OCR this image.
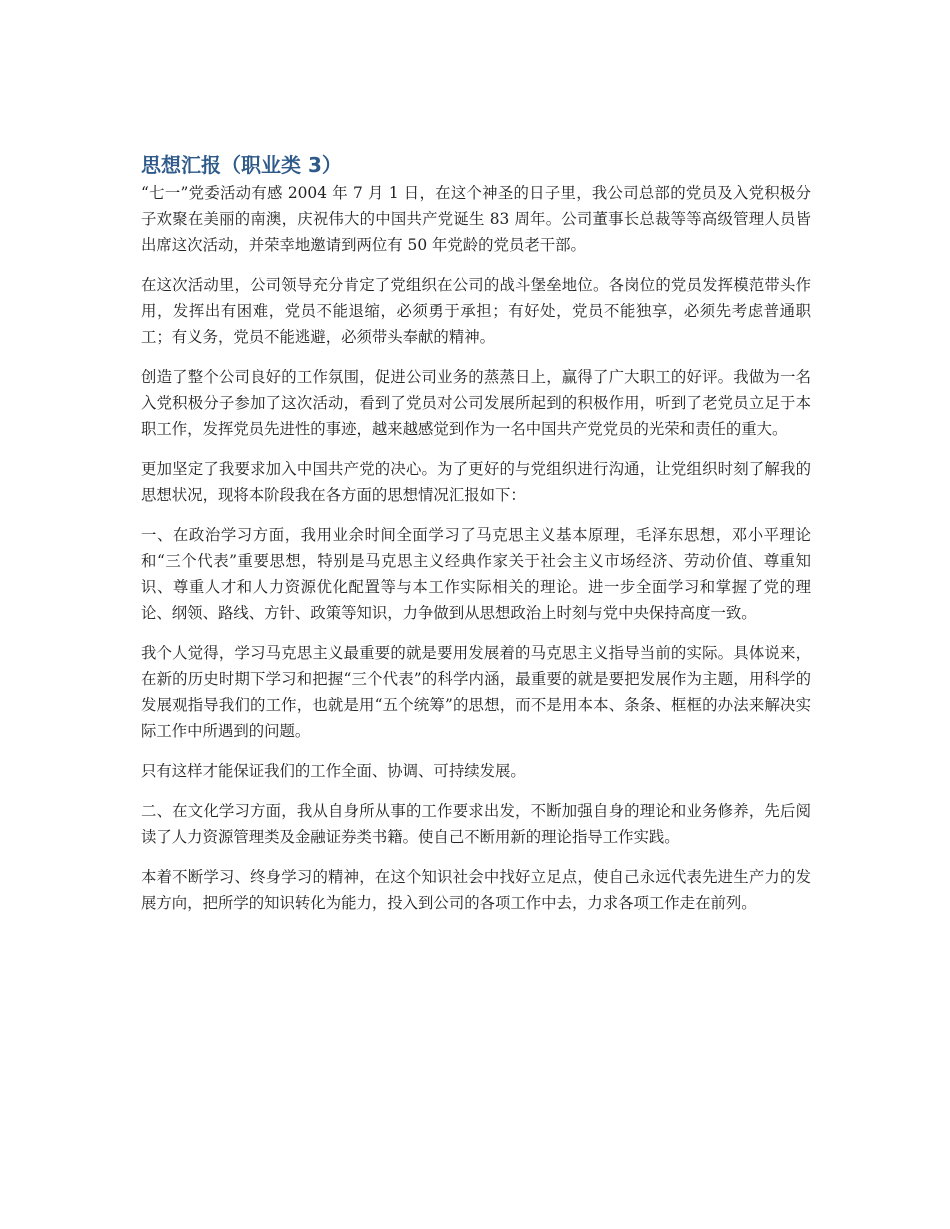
思想汇报（职业类 3）

“七一”党委活动有感 2004 年 7 月 1 日，在这个神圣的日子里，我公司总部的党员及入党积极分子欢聚在美丽的南澳，庆祝伟大的中国共产党诞生 83 周年。公司董事长总裁等等高级管理人员皆出席这次活动，并荣幸地邀请到两位有 50 年党龄的党员老干部。

在这次活动里，公司领导充分肯定了党组织在公司的战斗堡垒地位。各岗位的党员发挥模范带头作用，发挥出有困难，党员不能退缩，必须勇于承担；有好处，党员不能独享，必须先考虑普通职工；有义务，党员不能逃避，必须带头奉献的精神。

创造了整个公司良好的工作氛围，促进公司业务的蒸蒸日上，赢得了广大职工的好评。我做为一名入党积极分子参加了这次活动，看到了党员对公司发展所起到的积极作用，听到了老党员立足于本职工作，发挥党员先进性的事迹，越来越感觉到作为一名中国共产党党员的光荣和责任的重大。

更加坚定了我要求加入中国共产党的决心。为了更好的与党组织进行沟通，让党组织时刻了解我的思想状况，现将本阶段我在各方面的思想情况汇报如下：

一、在政治学习方面，我用业余时间全面学习了马克思主义基本原理，毛泽东思想，邓小平理论和“三个代表”重要思想，特别是马克思主义经典作家关于社会主义市场经济、劳动价值、尊重知识、尊重人才和人力资源优化配置等与本工作实际相关的理论。进一步全面学习和掌握了党的理论、纲领、路线、方针、政策等知识，力争做到从思想政治上时刻与党中央保持高度一致。

我个人觉得，学习马克思主义最重要的就是要用发展着的马克思主义指导当前的实际。具体说来，在新的历史时期下学习和把握“三个代表”的科学内涵，最重要的就是要把发展作为主题，用科学的发展观指导我们的工作，也就是用“五个统筹”的思想，而不是用本本、条条、框框的办法来解决实际工作中所遇到的问题。

只有这样才能保证我们的工作全面、协调、可持续发展。

二、在文化学习方面，我从自身所从事的工作要求出发，不断加强自身的理论和业务修养，先后阅读了人力资源管理类及金融证券类书籍。使自己不断用新的理论指导工作实践。

本着不断学习、终身学习的精神，在这个知识社会中找好立足点，使自己永远代表先进生产力的发展方向，把所学的知识转化为能力，投入到公司的各项工作中去，力求各项工作走在前列。
